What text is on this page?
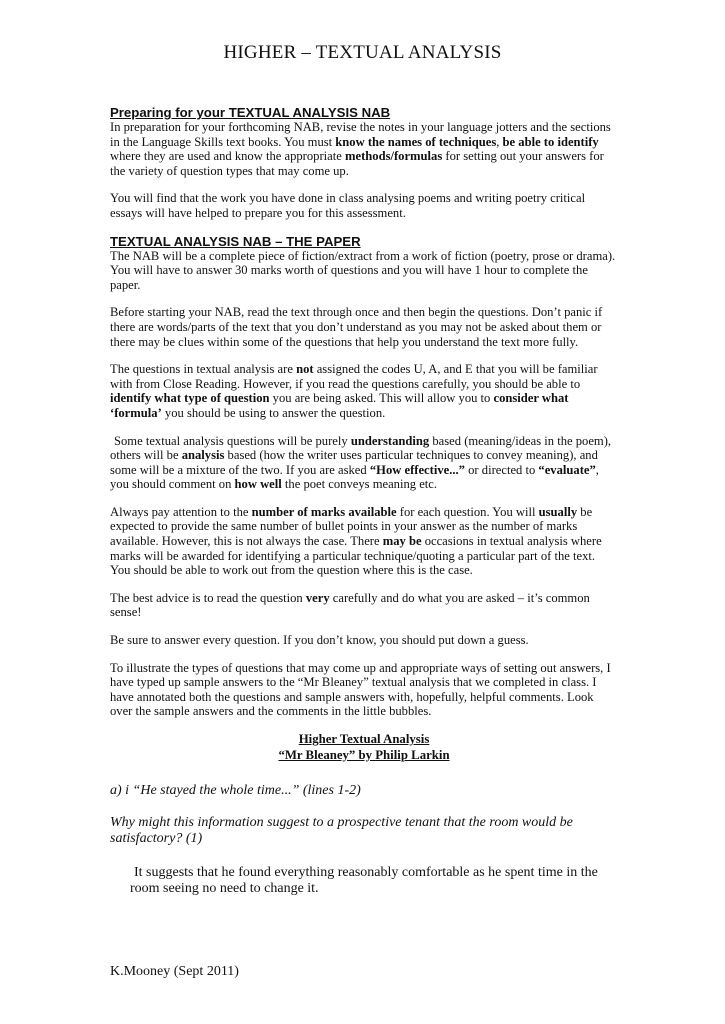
HIGHER – TEXTUAL ANALYSIS
Preparing for your TEXTUAL ANALYSIS NAB

In preparation for your forthcoming NAB, revise the notes in your language jotters and the sections in the Language Skills text books. You must know the names of techniques, be able to identify where they are used and know the appropriate methods/formulas for setting out your answers for the variety of question types that may come up.

You will find that the work you have done in class analysing poems and writing poetry critical essays will have helped to prepare you for this assessment.

TEXTUAL ANALYSIS NAB – THE PAPER

The NAB will be a complete piece of fiction/extract from a work of fiction (poetry, prose or drama). You will have to answer 30 marks worth of questions and you will have 1 hour to complete the paper.

Before starting your NAB, read the text through once and then begin the questions. Don’t panic if there are words/parts of the text that you don’t understand as you may not be asked about them or there may be clues within some of the questions that help you understand the text more fully.

The questions in textual analysis are not assigned the codes U, A, and E that you will be familiar with from Close Reading. However, if you read the questions carefully, you should be able to identify what type of question you are being asked. This will allow you to consider what ‘formula’ you should be using to answer the question.

Some textual analysis questions will be purely understanding based (meaning/ideas in the poem), others will be analysis based (how the writer uses particular techniques to convey meaning), and some will be a mixture of the two. If you are asked “How effective...” or directed to “evaluate”, you should comment on how well the poet conveys meaning etc.

Always pay attention to the number of marks available for each question. You will usually be expected to provide the same number of bullet points in your answer as the number of marks available. However, this is not always the case. There may be occasions in textual analysis where marks will be awarded for identifying a particular technique/quoting a particular part of the text. You should be able to work out from the question where this is the case.

The best advice is to read the question very carefully and do what you are asked – it’s common sense!

Be sure to answer every question. If you don’t know, you should put down a guess.

To illustrate the types of questions that may come up and appropriate ways of setting out answers, I have typed up sample answers to the “Mr Bleaney” textual analysis that we completed in class. I have annotated both the questions and sample answers with, hopefully, helpful comments. Look over the sample answers and the comments in the little bubbles.

Higher Textual Analysis
“Mr Bleaney” by Philip Larkin

a) i “He stayed the whole time...” (lines 1-2)

Why might this information suggest to a prospective tenant that the room would be satisfactory? (1)

It suggests that he found everything reasonably comfortable as he spent time in the room seeing no need to change it.

K.Mooney (Sept 2011)
